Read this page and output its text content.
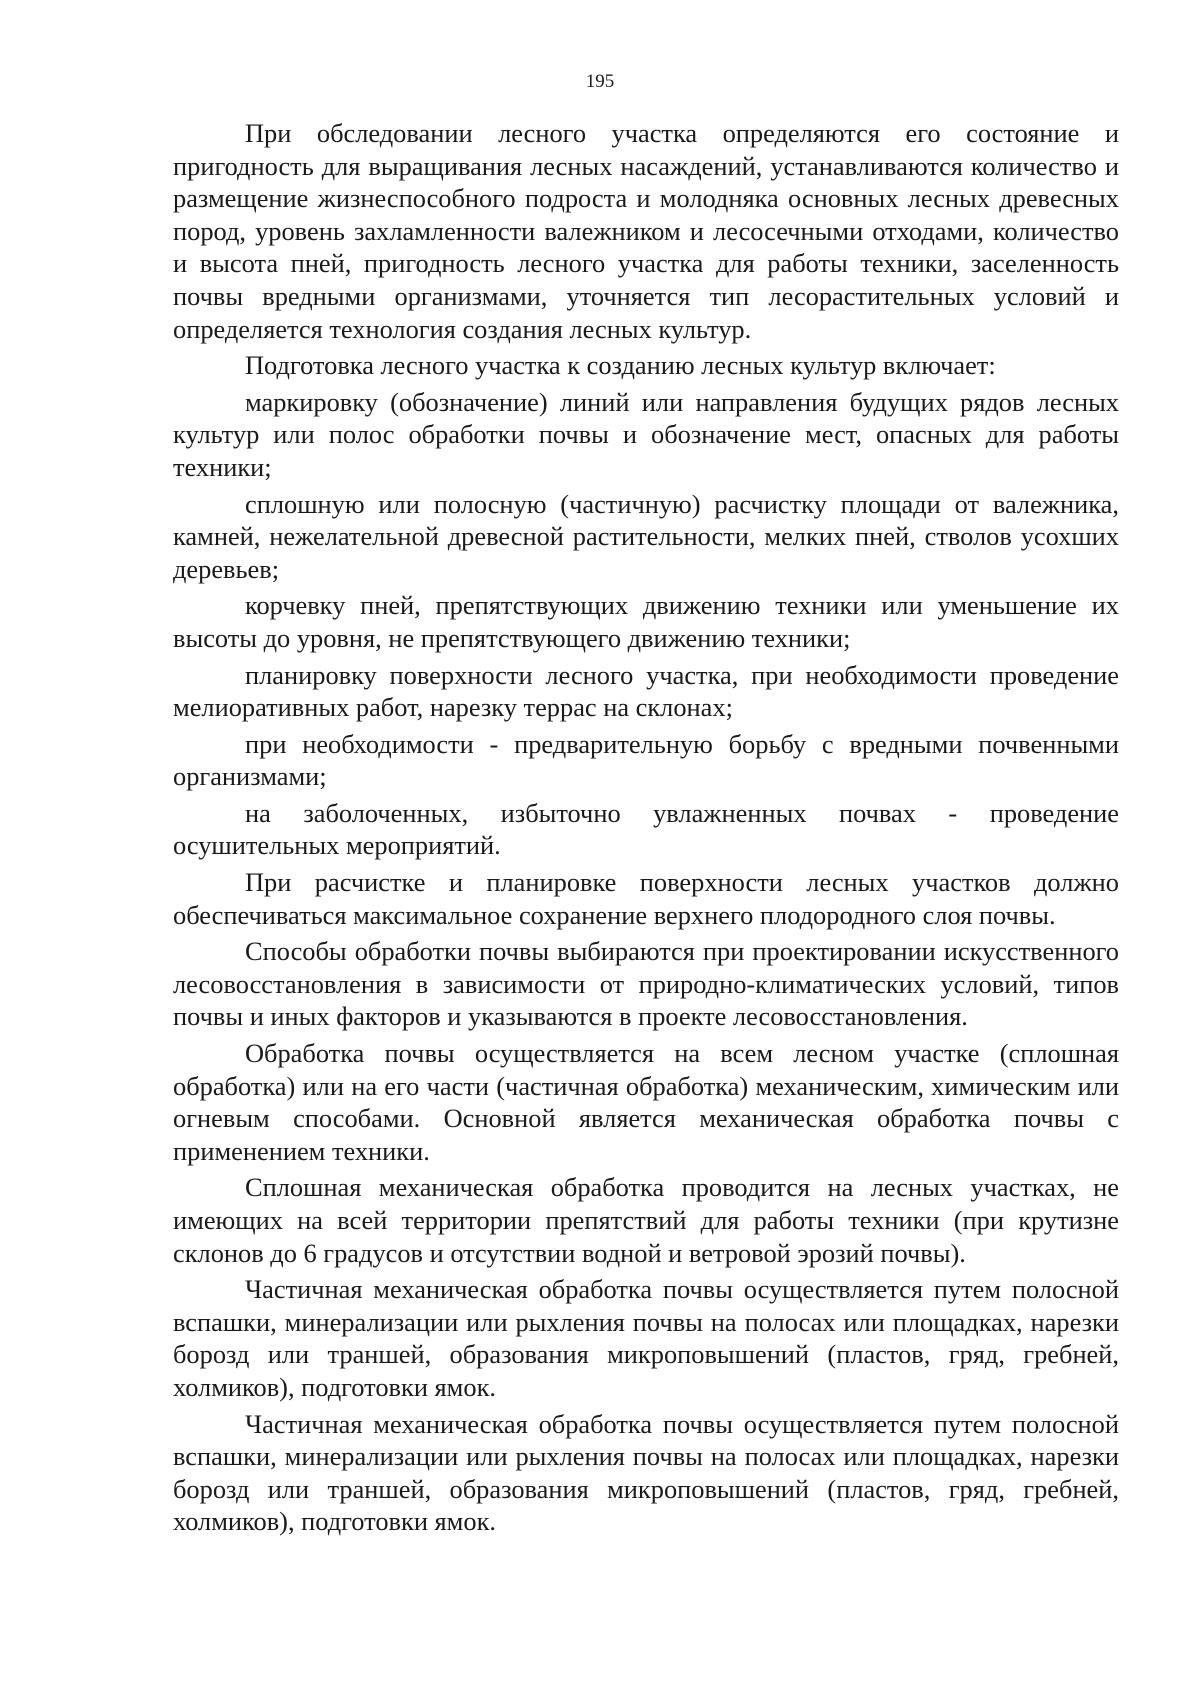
195

При обследовании лесного участка определяются его состояние и пригодность для выращивания лесных насаждений, устанавливаются количество и размещение жизнеспособного подроста и молодняка основных лесных древесных пород, уровень захламленности валежником и лесосечными отходами, количество и высота пней, пригодность лесного участка для работы техники, заселенность почвы вредными организмами, уточняется тип лесорастительных условий и определяется технология создания лесных культур.

Подготовка лесного участка к созданию лесных культур включает:

маркировку (обозначение) линий или направления будущих рядов лесных культур или полос обработки почвы и обозначение мест, опасных для работы техники;

сплошную или полосную (частичную) расчистку площади от валежника, камней, нежелательной древесной растительности, мелких пней, стволов усохших деревьев;

корчевку пней, препятствующих движению техники или уменьшение их высоты до уровня, не препятствующего движению техники;

планировку поверхности лесного участка, при необходимости проведение мелиоративных работ, нарезку террас на склонах;

при необходимости - предварительную борьбу с вредными почвенными организмами;

на заболоченных, избыточно увлажненных почвах - проведение осушительных мероприятий.

При расчистке и планировке поверхности лесных участков должно обеспечиваться максимальное сохранение верхнего плодородного слоя почвы.

Способы обработки почвы выбираются при проектировании искусственного лесовосстановления в зависимости от природно-климатических условий, типов почвы и иных факторов и указываются в проекте лесовосстановления.

Обработка почвы осуществляется на всем лесном участке (сплошная обработка) или на его части (частичная обработка) механическим, химическим или огневым способами. Основной является механическая обработка почвы с применением техники.

Сплошная механическая обработка проводится на лесных участках, не имеющих на всей территории препятствий для работы техники (при крутизне склонов до 6 градусов и отсутствии водной и ветровой эрозий почвы).

Частичная механическая обработка почвы осуществляется путем полосной вспашки, минерализации или рыхления почвы на полосах или площадках, нарезки борозд или траншей, образования микроповышений (пластов, гряд, гребней, холмиков), подготовки ямок.

Частичная механическая обработка почвы осуществляется путем полосной вспашки, минерализации или рыхления почвы на полосах или площадках, нарезки борозд или траншей, образования микроповышений (пластов, гряд, гребней, холмиков), подготовки ямок.
